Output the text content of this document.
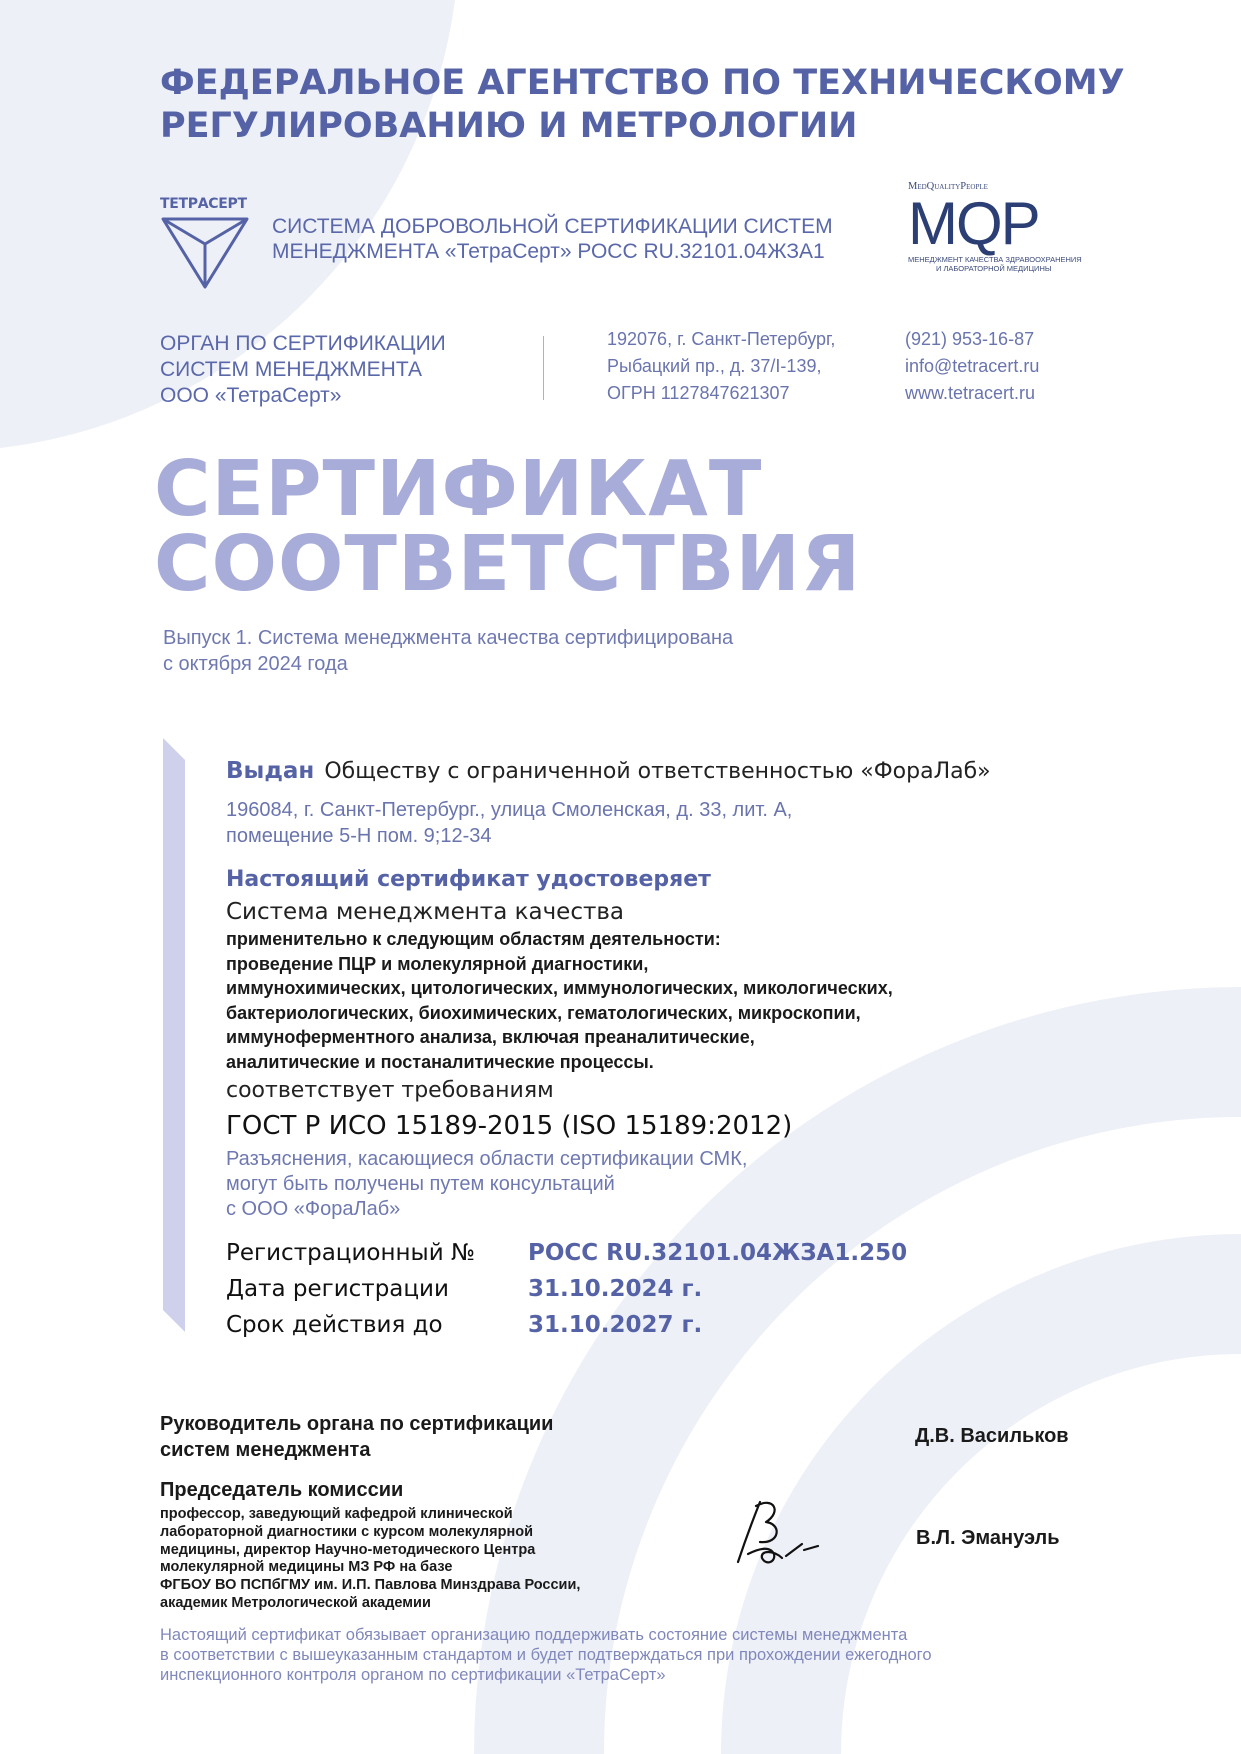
ФЕДЕРАЛЬНОЕ АГЕНТСТВО ПО ТЕХНИЧЕСКОМУ
РЕГУЛИРОВАНИЮ И МЕТРОЛОГИИ
ТЕТРАСЕРТ
СИСТЕМА ДОБРОВОЛЬНОЙ СЕРТИФИКАЦИИ СИСТЕМ
МЕНЕДЖМЕНТА «ТетраСерт» РОСС RU.32101.04ЖЗА1
MedQualityPeople
MQP
МЕНЕДЖМЕНТ КАЧЕСТВА ЗДРАВООХРАНЕНИЯ
И ЛАБОРАТОРНОЙ МЕДИЦИНЫ
ОРГАН ПО СЕРТИФИКАЦИИ
СИСТЕМ МЕНЕДЖМЕНТА
ООО «ТетраСерт»
192076, г. Санкт-Петербург,
Рыбацкий пр., д. 37/I-139,
ОГРН 1127847621307
(921) 953-16-87
info@tetracert.ru
www.tetracert.ru
СЕРТИФИКАТ
СООТВЕТСТВИЯ
Выпуск 1. Система менеджмента качества сертифицирована
с октября 2024 года
Выдан Обществу с ограниченной ответственностью «ФораЛаб»
196084, г. Санкт-Петербург., улица Смоленская, д. 33, лит. А,
помещение 5-Н пом. 9;12-34
Настоящий сертификат удостоверяет
Система менеджмента качества
применительно к следующим областям деятельности:
проведение ПЦР и молекулярной диагностики,
иммунохимических, цитологических, иммунологических, микологических,
бактериологических, биохимических, гематологических, микроскопии,
иммуноферментного анализа, включая преаналитические,
аналитические и постаналитические процессы.
соответствует требованиям
ГОСТ Р ИСО 15189-2015 (ISO 15189:2012)
Разъяснения, касающиеся области сертификации СМК,
могут быть получены путем консультаций
с ООО «ФораЛаб»
Регистрационный № РОСС RU.32101.04ЖЗА1.250
Дата регистрации	31.10.2024 г.
Срок действия до	31.10.2027 г.
Руководитель органа по сертификации
систем менеджмента
Д.В. Васильков
Председатель комиссии
профессор, заведующий кафедрой клинической
лабораторной диагностики с курсом молекулярной
медицины, директор Научно-методического Центра
молекулярной медицины МЗ РФ на базе
ФГБОУ ВО ПСПбГМУ им. И.П. Павлова Минздрава России,
академик Метрологической академии
В.Л. Эмануэль
Настоящий сертификат обязывает организацию поддерживать состояние системы менеджмента
в соответствии с вышеуказанным стандартом и будет подтверждаться при прохождении ежегодного
инспекционного контроля органом по сертификации «ТетраСерт»
